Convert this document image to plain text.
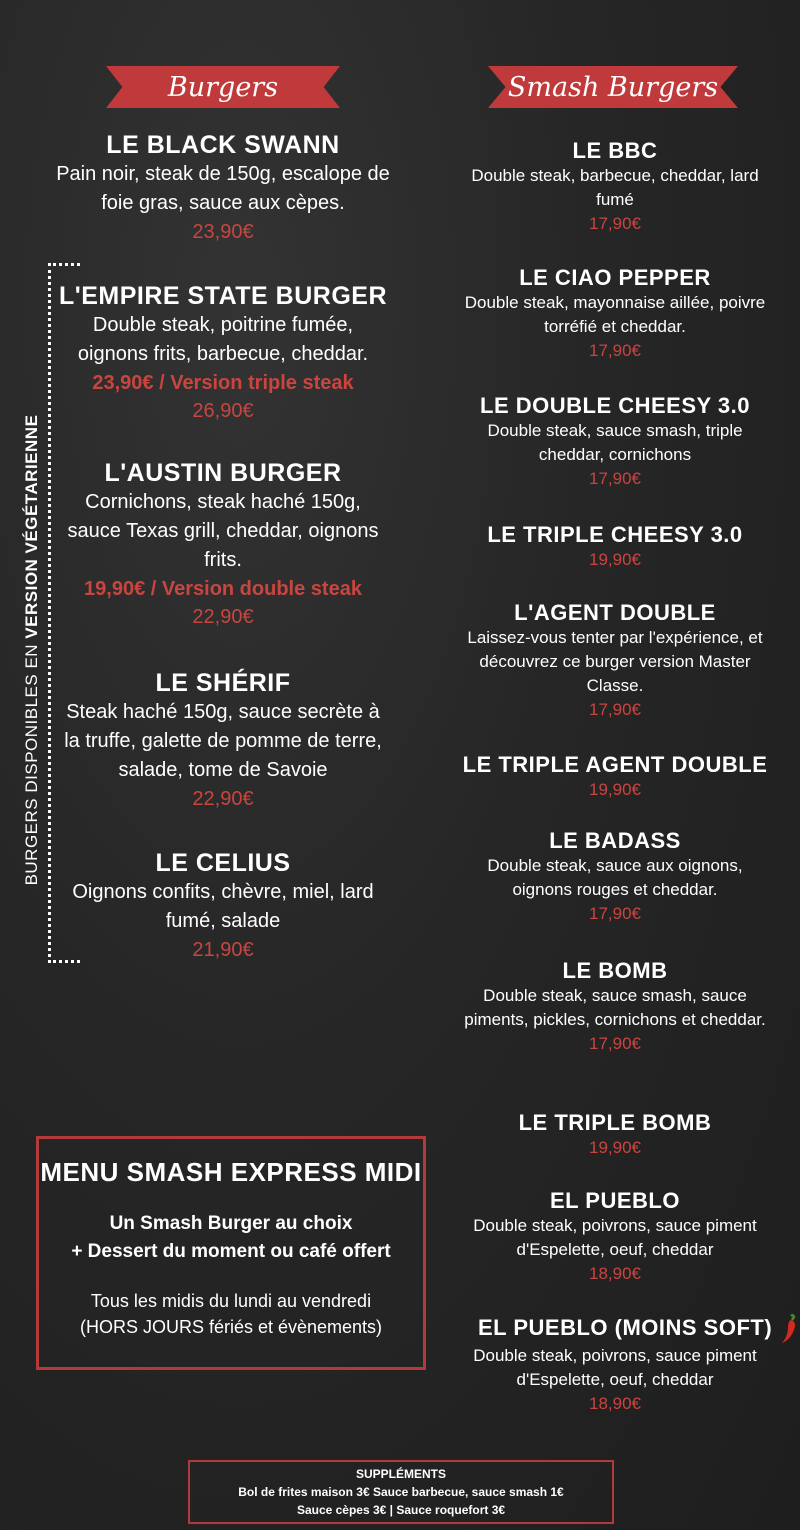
Burgers	Smash Burgers
LE BLACK SWANN
Pain noir, steak de 150g, escalope de foie gras, sauce aux cèpes.
23,90€
L'EMPIRE STATE BURGER
Double steak, poitrine fumée, oignons frits, barbecue, cheddar.
23,90€ / Version triple steak
26,90€
L'AUSTIN BURGER
Cornichons, steak haché 150g, sauce Texas grill, cheddar, oignons frits.
19,90€ / Version double steak
22,90€
LE SHÉRIF
Steak haché 150g, sauce secrète à la truffe, galette de pomme de terre, salade, tome de Savoie
22,90€
LE CELIUS
Oignons confits, chèvre, miel, lard fumé, salade
21,90€
BURGERS DISPONIBLES EN VERSION VÉGÉTARIENNE
LE BBC
Double steak, barbecue, cheddar, lard fumé
17,90€
LE CIAO PEPPER
Double steak, mayonnaise aillée, poivre torréfié et cheddar.
17,90€
LE DOUBLE CHEESY 3.0
Double steak, sauce smash, triple cheddar, cornichons
17,90€
LE TRIPLE CHEESY 3.0
19,90€
L'AGENT DOUBLE
Laissez-vous tenter par l'expérience, et découvrez ce burger version Master Classe.
17,90€
LE TRIPLE AGENT DOUBLE
19,90€
LE BADASS
Double steak, sauce aux oignons, oignons rouges et cheddar.
17,90€
LE BOMB
Double steak, sauce smash, sauce piments, pickles, cornichons et cheddar.
17,90€
LE TRIPLE BOMB
19,90€
EL PUEBLO
Double steak, poivrons, sauce piment d'Espelette, oeuf, cheddar
18,90€
EL PUEBLO (MOINS SOFT)
Double steak, poivrons, sauce piment d'Espelette, oeuf, cheddar
18,90€
MENU SMASH EXPRESS MIDI
Un Smash Burger au choix
+ Dessert du moment ou café offert
Tous les midis du lundi au vendredi
(HORS JOURS fériés et évènements)
SUPPLÉMENTS
Bol de frites maison 3€ Sauce barbecue, sauce smash 1€
Sauce cèpes 3€ | Sauce roquefort 3€
